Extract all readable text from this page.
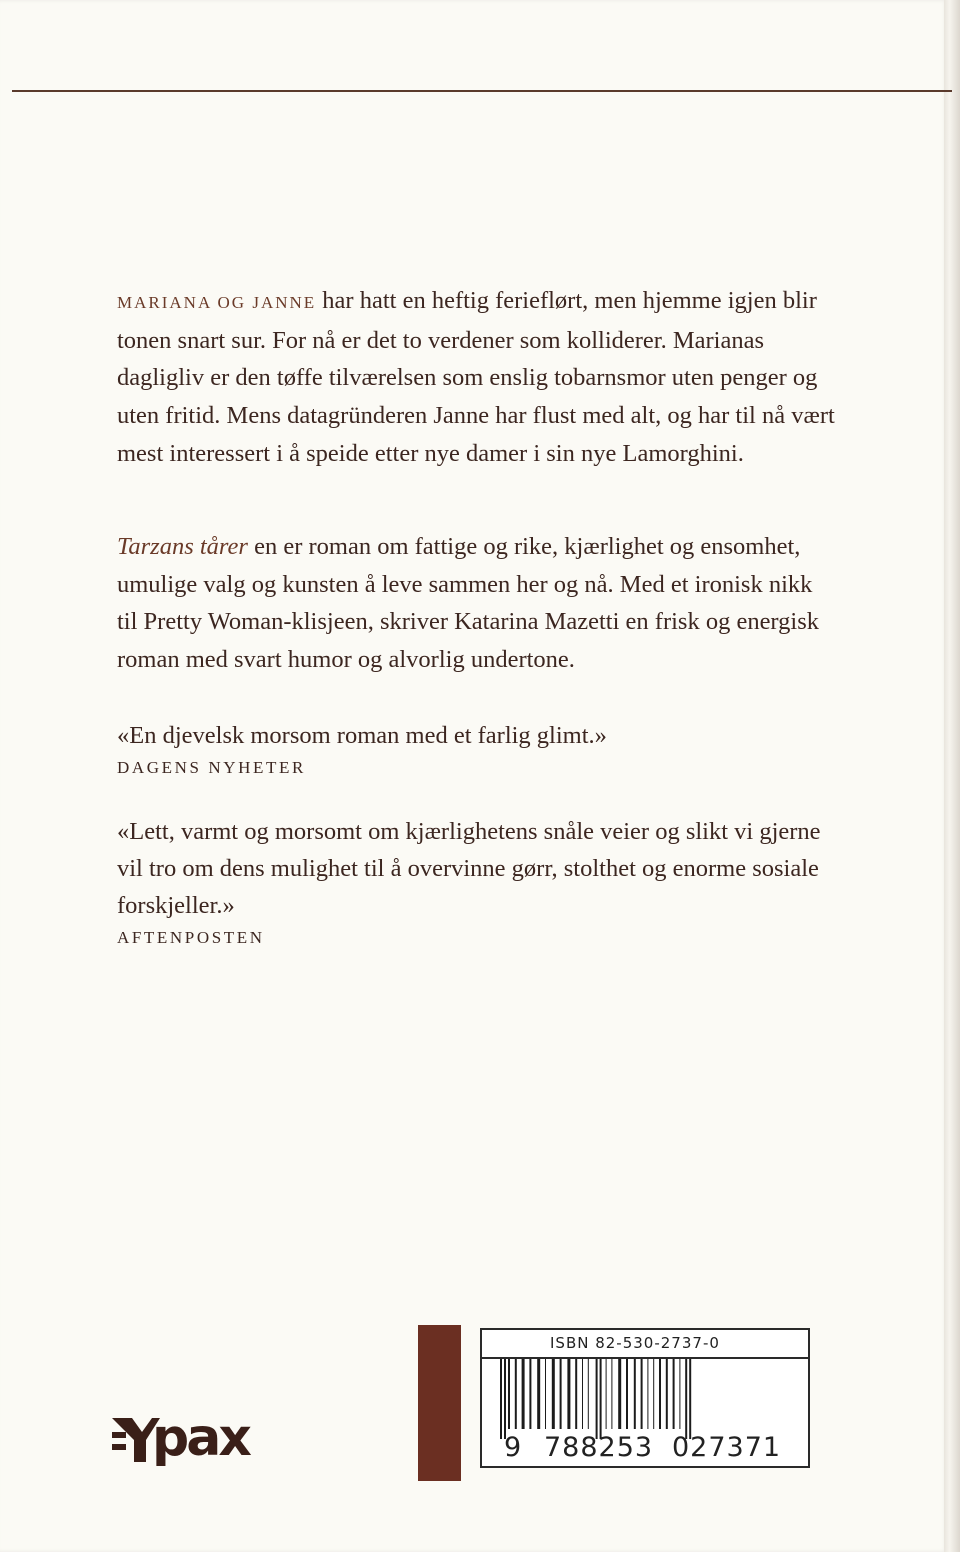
MARIANA OG JANNE har hatt en heftig ferieflørt, men hjemme igjen blir tonen snart sur. For nå er det to verdener som kolliderer. Marianas dagligliv er den tøffe tilværelsen som enslig tobarnsmor uten penger og uten fritid. Mens datagründeren Janne har flust med alt, og har til nå vært mest interessert i å speide etter nye damer i sin nye Lamorghini.

Tarzans tårer en er roman om fattige og rike, kjærlighet og ensomhet, umulige valg og kunsten å leve sammen her og nå. Med et ironisk nikk til Pretty Woman-klisjeen, skriver Katarina Mazetti en frisk og energisk roman med svart humor og alvorlig undertone.

«En djevelsk morsom roman med et farlig glimt.»

DAGENS NYHETER

«Lett, varmt og morsomt om kjærlighetens snåle veier og slikt vi gjerne vil tro om dens mulighet til å overvinne gørr, stolthet og enorme sosiale forskjeller.»

AFTENPOSTEN
pax
ISBN 82-530-2737-0
9 788253 027371
